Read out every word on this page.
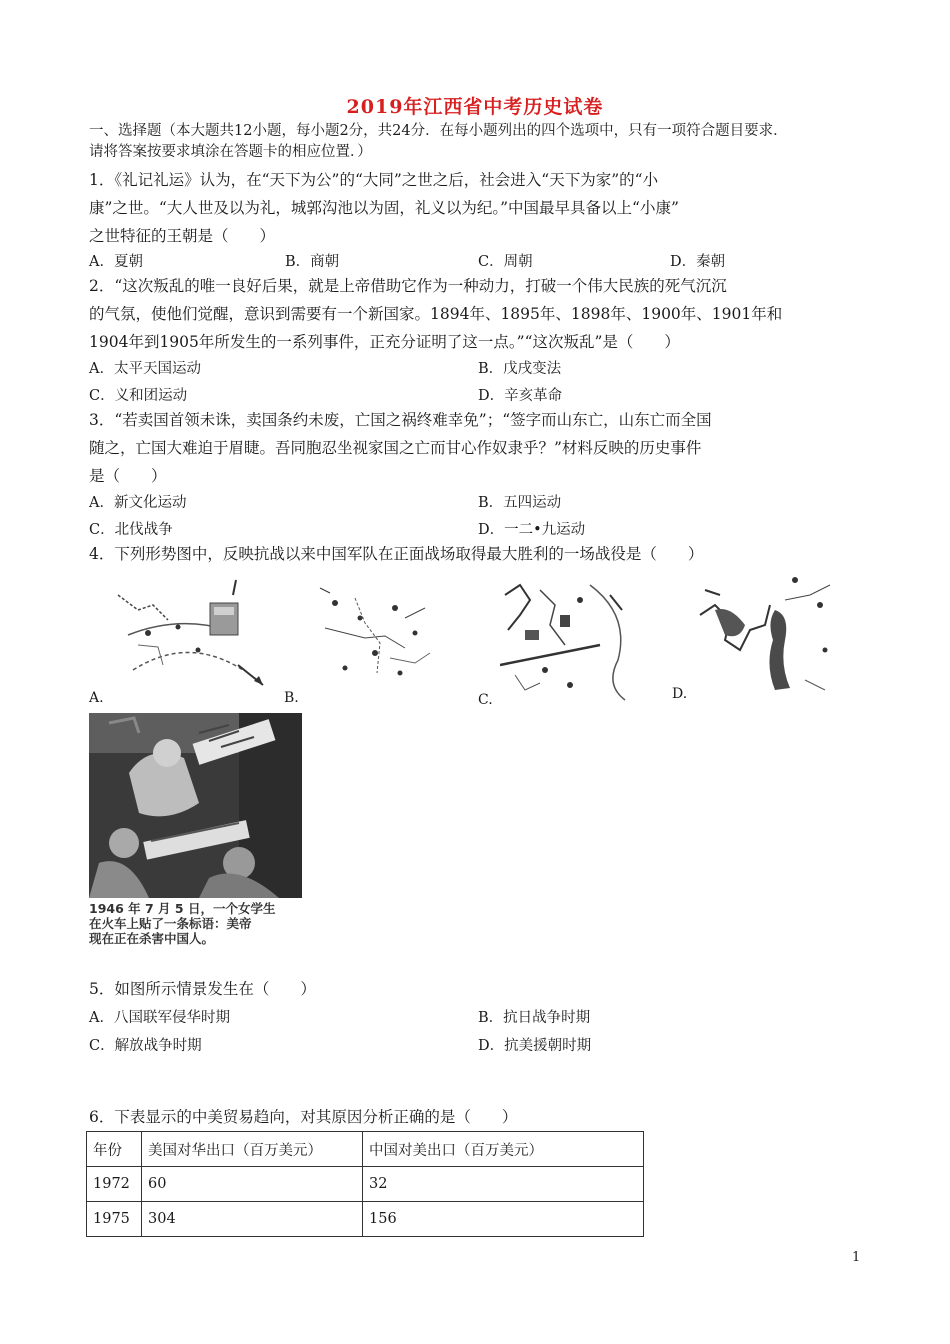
2019年江西省中考历史试卷
一、选择题（本大题共12小题，每小题2分，共24分．在每小题列出的四个选项中，只有一项符合题目要求．
请将答案按要求填涂在答题卡的相应位置．）
1．《礼记礼运》认为，在“天下为公”的“大同”之世之后，社会进入“天下为家”的“小
康”之世。“大人世及以为礼，城郭沟池以为固，礼义以为纪。”中国最早具备以上“小康”
之世特征的王朝是（　　）
A．夏朝	B．商朝	C．周朝	D．秦朝
2．“这次叛乱的唯一良好后果，就是上帝借助它作为一种动力，打破一个伟大民族的死气沉沉
的气氛，使他们觉醒，意识到需要有一个新国家。1894年、1895年、1898年、1900年、1901年和
1904年到1905年所发生的一系列事件，正充分证明了这一点。”“这次叛乱”是（　　）
A．太平天国运动	B．戊戌变法
C．义和团运动	D．辛亥革命
3．“若卖国首领未诛，卖国条约未废，亡国之祸终难幸免”；“签字而山东亡，山东亡而全国
随之，亡国大难迫于眉睫。吾同胞忍坐视家国之亡而甘心作奴隶乎？”材料反映的历史事件
是（　　）
A．新文化运动	B．五四运动
C．北伐战争	D．一二•九运动
4．下列形势图中，反映抗战以来中国军队在正面战场取得最大胜利的一场战役是（　　）
A.	B.	C.	D.
1946 年 7 月 5 日，一个女学生
在火车上贴了一条标语：美帝
现在正在杀害中国人。
5．如图所示情景发生在（　　）
A．八国联军侵华时期	B．抗日战争时期
C．解放战争时期	D．抗美援朝时期
6．下表显示的中美贸易趋向，对其原因分析正确的是（　　）
年份	美国对华出口（百万美元）	中国对美出口（百万美元）
1972	60	32
1975	304	156
1
